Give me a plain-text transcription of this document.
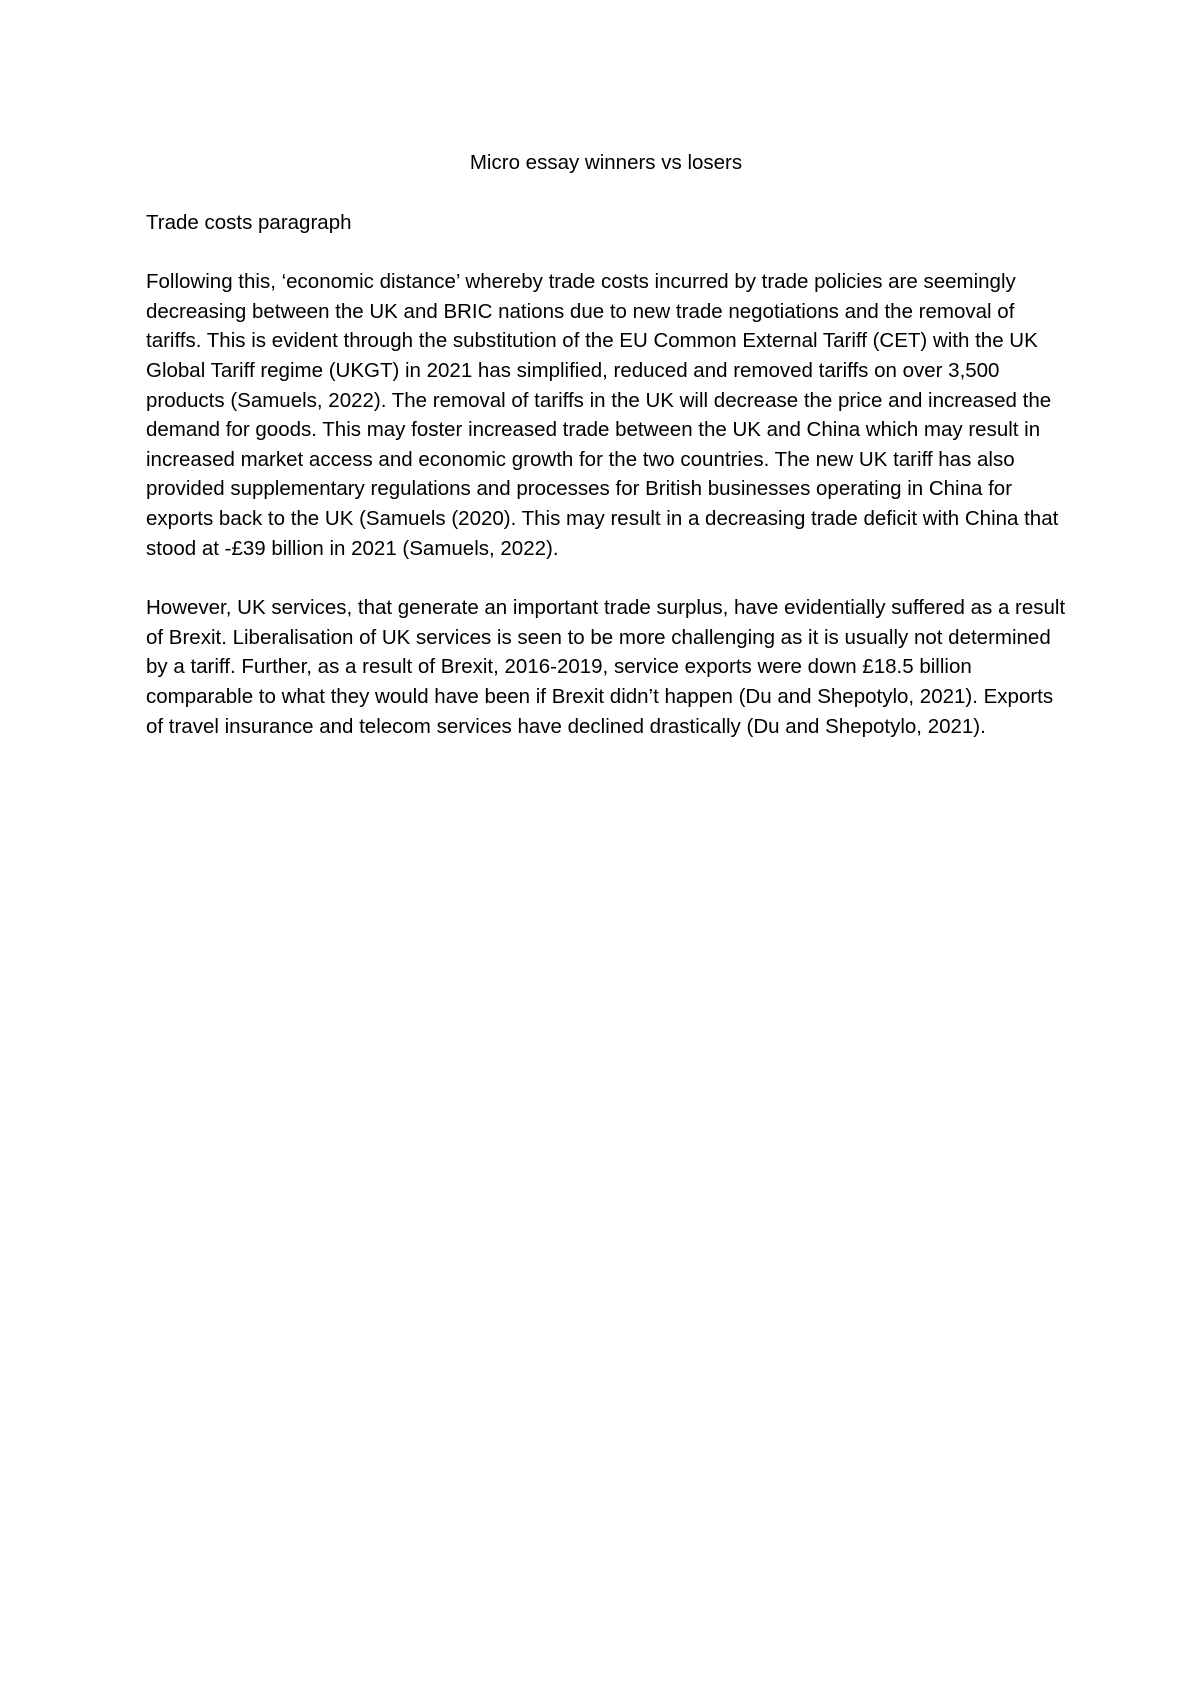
Micro essay winners vs losers

Trade costs paragraph

Following this, ‘economic distance’ whereby trade costs incurred by trade policies are seemingly decreasing between the UK and BRIC nations due to new trade negotiations and the removal of tariffs. This is evident through the substitution of the EU Common External Tariff (CET) with the UK Global Tariff regime (UKGT) in 2021 has simplified, reduced and removed tariffs on over 3,500 products (Samuels, 2022). The removal of tariffs in the UK will decrease the price and increased the demand for goods. This may foster increased trade between the UK and China which may result in increased market access and economic growth for the two countries. The new UK tariff has also provided supplementary regulations and processes for British businesses operating in China for exports back to the UK (Samuels (2020). This may result in a decreasing trade deficit with China that stood at -£39 billion in 2021 (Samuels, 2022).

However, UK services, that generate an important trade surplus, have evidentially suffered as a result of Brexit. Liberalisation of UK services is seen to be more challenging as it is usually not determined by a tariff. Further, as a result of Brexit, 2016-2019, service exports were down £18.5 billion comparable to what they would have been if Brexit didn’t happen (Du and Shepotylo, 2021). Exports of travel insurance and telecom services have declined drastically (Du and Shepotylo, 2021).
